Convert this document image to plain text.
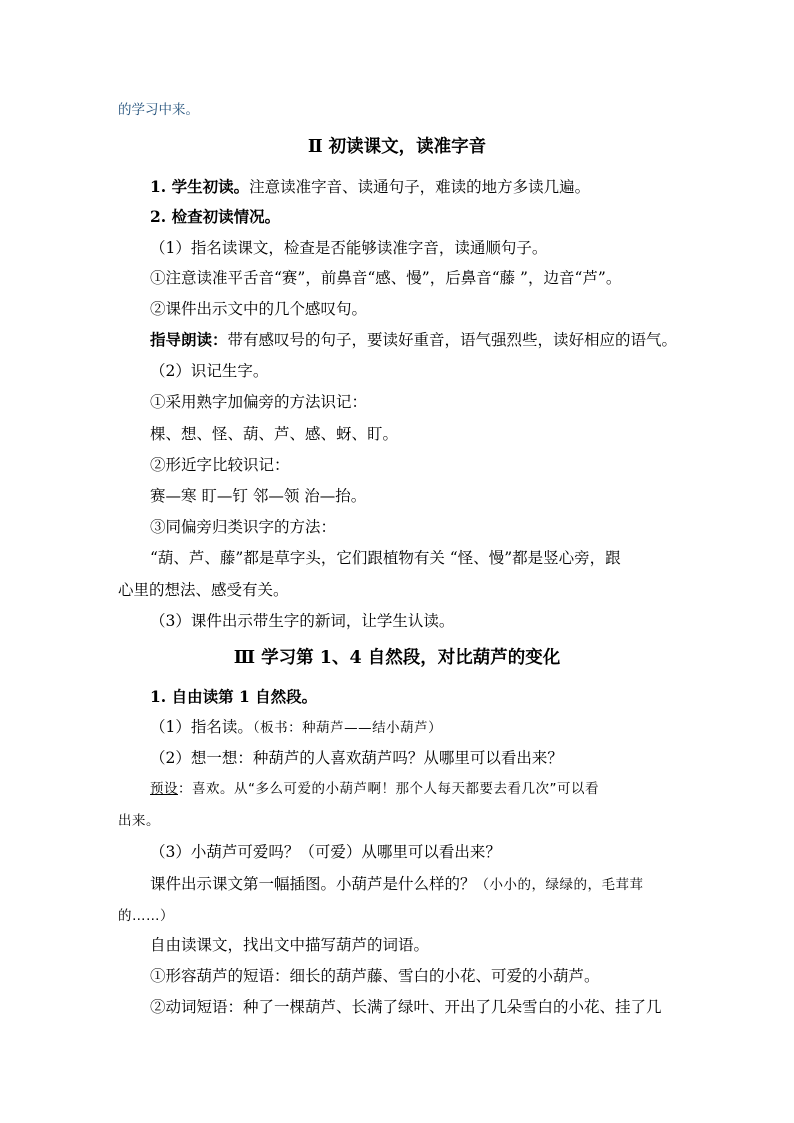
的学习中来。
Ⅱ 初读课文，读准字音
1. 学生初读。注意读准字音、读通句子，难读的地方多读几遍。
2. 检查初读情况。
（1）指名读课文，检查是否能够读准字音，读通顺句子。
①注意读准平舌音“赛”，前鼻音“感、慢”，后鼻音“藤 ”，边音“芦”。
②课件出示文中的几个感叹句。
指导朗读：带有感叹号的句子，要读好重音，语气强烈些，读好相应的语气。
（2）识记生字。
①采用熟字加偏旁的方法识记：
棵、想、怪、葫、芦、感、蚜、盯。
②形近字比较识记：
赛—寒 盯—钉 邻—领 治—抬。
③同偏旁归类识字的方法：
“葫、芦、藤”都是草字头，它们跟植物有关 “怪、慢”都是竖心旁，跟
心里的想法、感受有关。
（3）课件出示带生字的新词，让学生认读。
Ⅲ 学习第 1、4 自然段，对比葫芦的变化
1. 自由读第 1 自然段。
（1）指名读。（板书：种葫芦——结小葫芦）
（2）想一想：种葫芦的人喜欢葫芦吗？从哪里可以看出来？
预设：喜欢。从“多么可爱的小葫芦啊！那个人每天都要去看几次”可以看
出来。
（3）小葫芦可爱吗？（可爱）从哪里可以看出来？
课件出示课文第一幅插图。小葫芦是什么样的？（小小的，绿绿的，毛茸茸
的……）
自由读课文，找出文中描写葫芦的词语。
①形容葫芦的短语：细长的葫芦藤、雪白的小花、可爱的小葫芦。
②动词短语：种了一棵葫芦、长满了绿叶、开出了几朵雪白的小花、挂了几
